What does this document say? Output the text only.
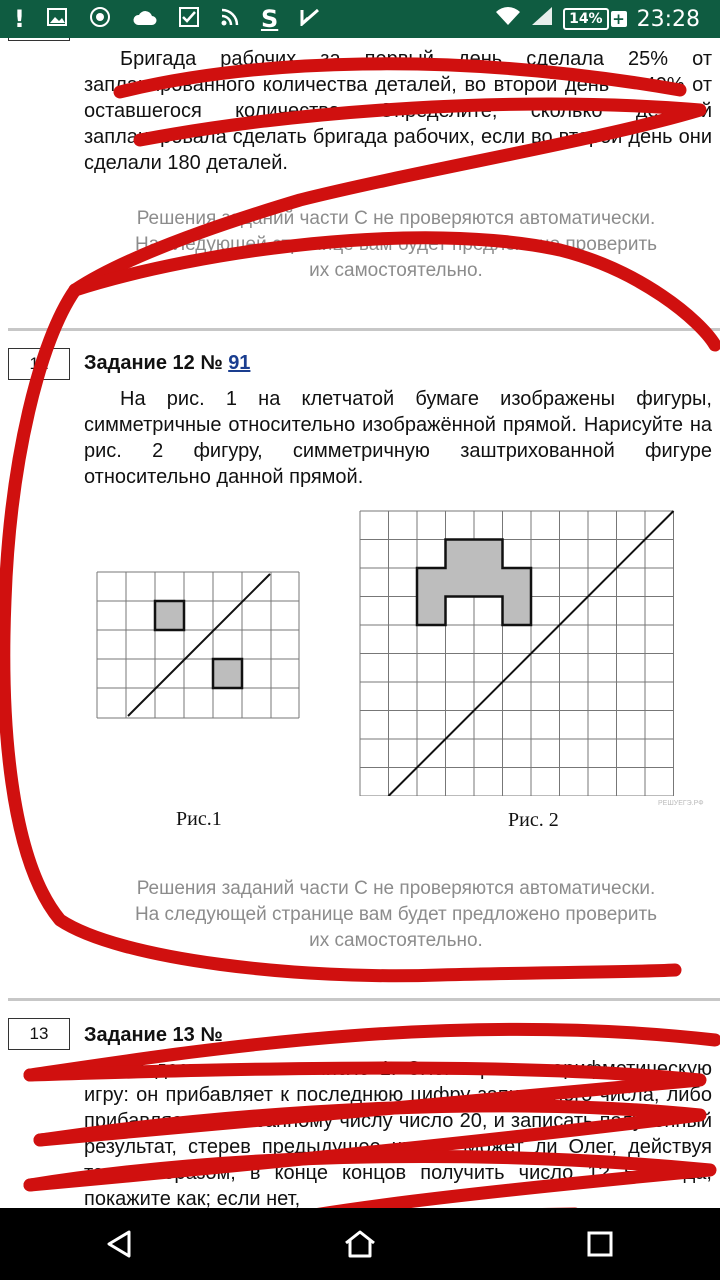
!	S	14% + 23:28

Бригада рабочих за первый день сделала 25% от запланированного количества деталей, во второй день — 40% от оставшегося количества. Определите, сколько деталей запланировала сделать бригада рабочих, если во второй день они сделали 180 деталей.

Решения заданий части С не проверяются автоматически.
На следующей странице вам будет предложено проверить
их самостоятельно.
12	Задание 12 № 91

На рис. 1 на клетчатой бумаге изображены фигуры, симметричные относительно изображённой прямой. Нарисуйте на рис. 2 фигуру, симметричную заштрихованной фигуре относительно данной прямой.

Рис.1
РЕШУЕГЭ.РФ
Рис. 2
Решения заданий части С не проверяются автоматически.
На следующей странице вам будет предложено проверить
их самостоятельно.
13	Задание 13 №

На доске написано число 1. Олег играет в арифметическую игру: он прибавляет к последнюю цифру записанного числа, либо прибавляет к записанному числу число 20, и записать полученный результат, стерев предыдущее число. Может ли Олег, действуя таким образом, в конце концов получить число 1? Если да, покажите как; если нет,
